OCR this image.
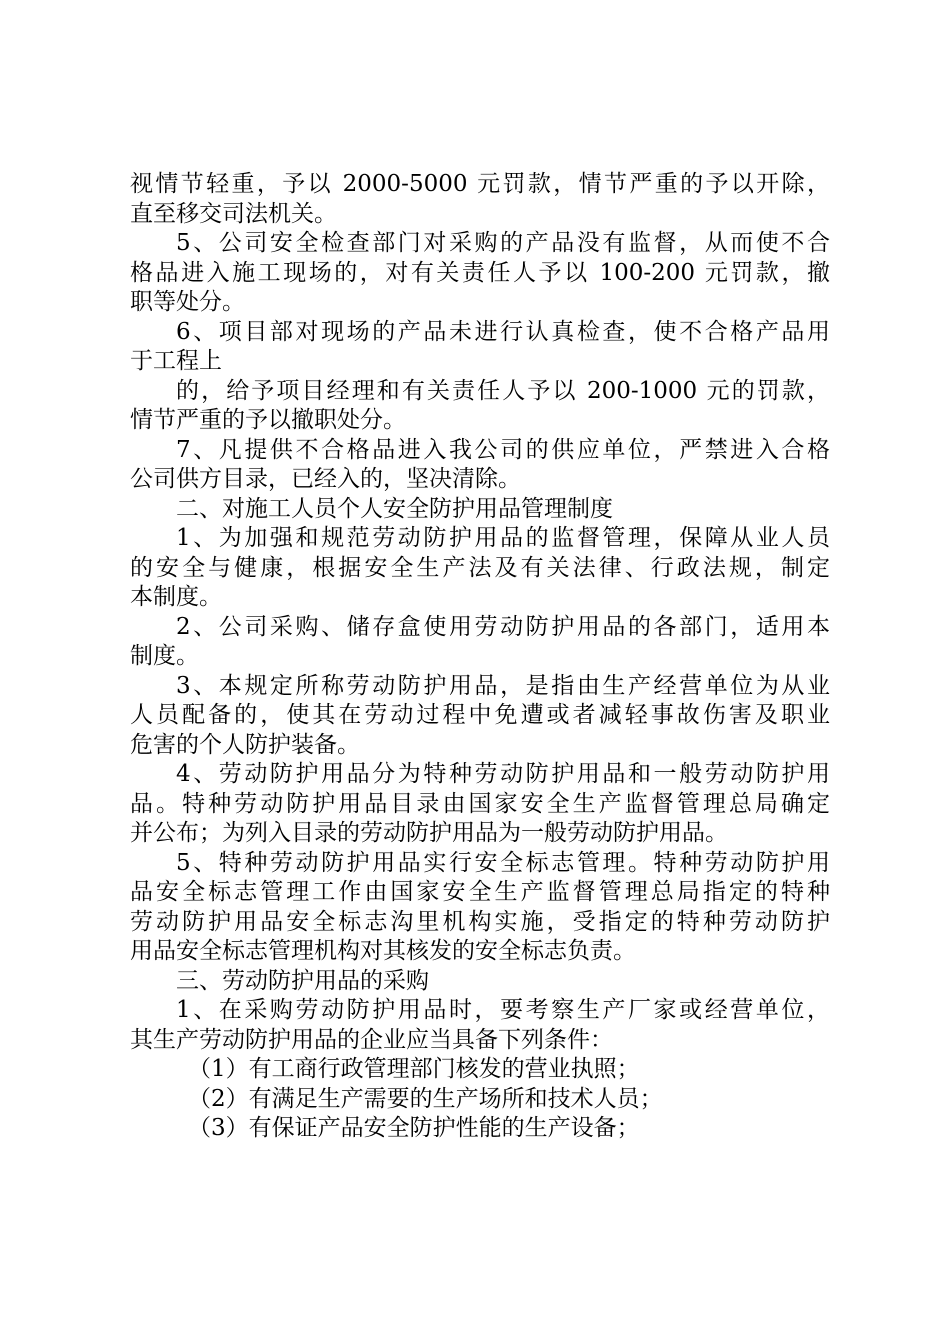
视情节轻重，予以 2000-5000 元罚款，情节严重的予以开除，
直至移交司法机关。

5、公司安全检查部门对采购的产品没有监督，从而使不合
格品进入施工现场的，对有关责任人予以 100-200 元罚款，撤
职等处分。

6、项目部对现场的产品未进行认真检查，使不合格产品用
于工程上

的，给予项目经理和有关责任人予以 200-1000 元的罚款，
情节严重的予以撤职处分。

7、凡提供不合格品进入我公司的供应单位，严禁进入合格
公司供方目录，已经入的，坚决清除。

二、对施工人员个人安全防护用品管理制度

1、为加强和规范劳动防护用品的监督管理，保障从业人员
的安全与健康，根据安全生产法及有关法律、行政法规，制定
本制度。

2、公司采购、储存盒使用劳动防护用品的各部门，适用本
制度。

3、本规定所称劳动防护用品，是指由生产经营单位为从业
人员配备的，使其在劳动过程中免遭或者减轻事故伤害及职业
危害的个人防护装备。

4、劳动防护用品分为特种劳动防护用品和一般劳动防护用
品。特种劳动防护用品目录由国家安全生产监督管理总局确定
并公布；为列入目录的劳动防护用品为一般劳动防护用品。

5、特种劳动防护用品实行安全标志管理。特种劳动防护用
品安全标志管理工作由国家安全生产监督管理总局指定的特种
劳动防护用品安全标志沟里机构实施，受指定的特种劳动防护
用品安全标志管理机构对其核发的安全标志负责。

三、劳动防护用品的采购

1、在采购劳动防护用品时，要考察生产厂家或经营单位，
其生产劳动防护用品的企业应当具备下列条件：

（1）有工商行政管理部门核发的营业执照；

（2）有满足生产需要的生产场所和技术人员；

（3）有保证产品安全防护性能的生产设备；
